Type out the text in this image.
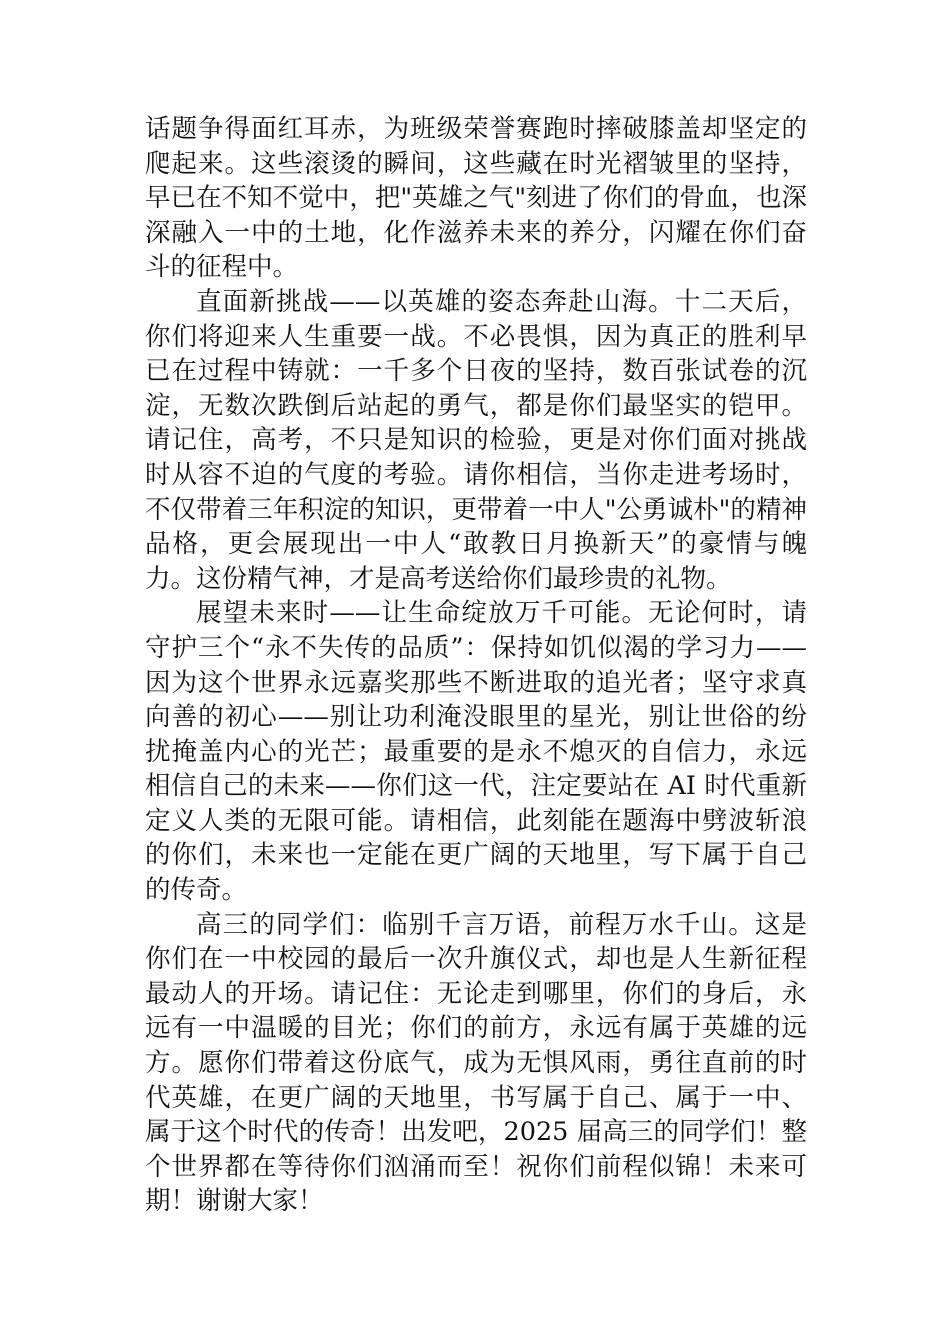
话题争得面红耳赤，为班级荣誉赛跑时摔破膝盖却坚定的爬起来。这些滚烫的瞬间，这些藏在时光褶皱里的坚持，早已在不知不觉中，把"英雄之气"刻进了你们的骨血，也深深融入一中的土地，化作滋养未来的养分，闪耀在你们奋斗的征程中。

直面新挑战——以英雄的姿态奔赴山海。十二天后，你们将迎来人生重要一战。不必畏惧，因为真正的胜利早已在过程中铸就：一千多个日夜的坚持，数百张试卷的沉淀，无数次跌倒后站起的勇气，都是你们最坚实的铠甲。请记住，高考，不只是知识的检验，更是对你们面对挑战时从容不迫的气度的考验。请你相信，当你走进考场时，不仅带着三年积淀的知识，更带着一中人"公勇诚朴"的精神品格，更会展现出一中人“敢教日月换新天”的豪情与魄力。这份精气神，才是高考送给你们最珍贵的礼物。

展望未来时——让生命绽放万千可能。无论何时，请守护三个“永不失传的品质”：保持如饥似渴的学习力——因为这个世界永远嘉奖那些不断进取的追光者；坚守求真向善的初心——别让功利淹没眼里的星光，别让世俗的纷扰掩盖内心的光芒；最重要的是永不熄灭的自信力，永远相信自己的未来——你们这一代，注定要站在 AI 时代重新定义人类的无限可能。请相信，此刻能在题海中劈波斩浪的你们，未来也一定能在更广阔的天地里，写下属于自己的传奇。

高三的同学们：临别千言万语，前程万水千山。这是你们在一中校园的最后一次升旗仪式，却也是人生新征程最动人的开场。请记住：无论走到哪里，你们的身后，永远有一中温暖的目光；你们的前方，永远有属于英雄的远方。愿你们带着这份底气，成为无惧风雨，勇往直前的时代英雄，在更广阔的天地里，书写属于自己、属于一中、属于这个时代的传奇！出发吧，2025 届高三的同学们！整个世界都在等待你们汹涌而至！祝你们前程似锦！未来可期！谢谢大家！
